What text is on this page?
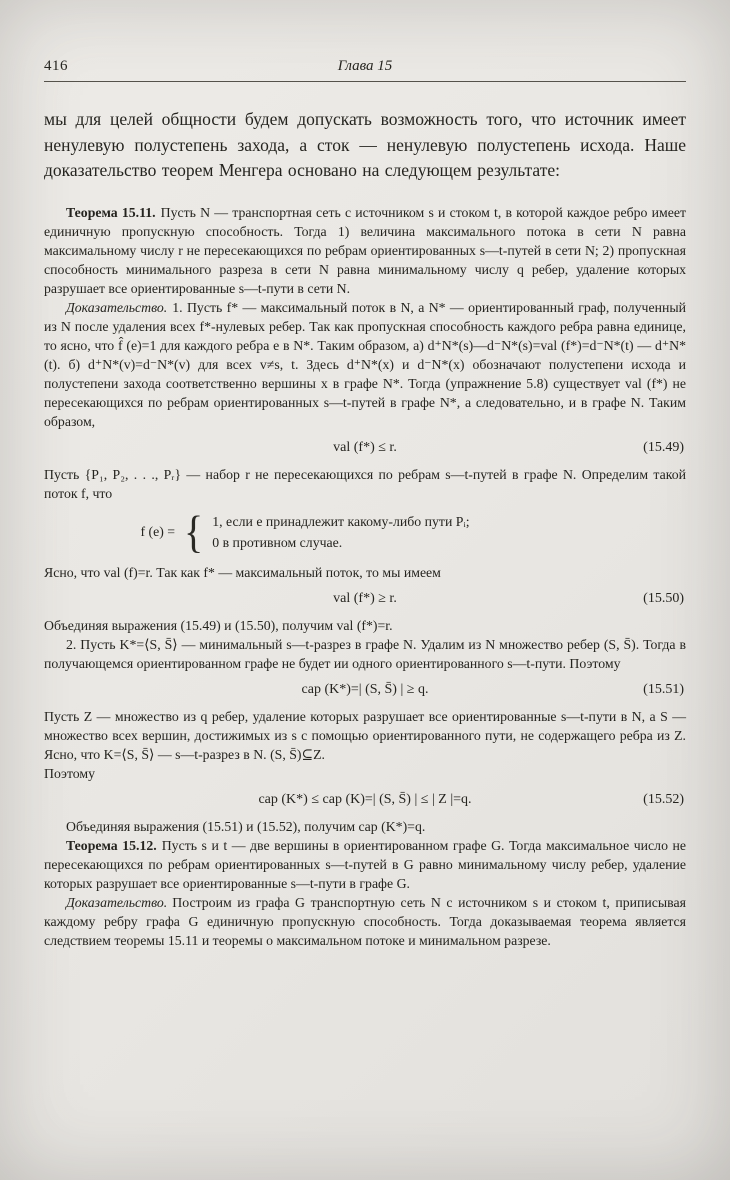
416	Глава 15

мы для целей общности будем допускать возможность того, что источник имеет ненулевую полустепень захода, а сток — ненулевую полустепень исхода. Наше доказательство теорем Менгера основано на следующем результате:

Теорема 15.11. Пусть N — транспортная сеть с источником s и стоком t, в которой каждое ребро имеет единичную пропускную способность. Тогда 1) величина максимального потока в сети N равна максимальному числу r не пересекающихся по ребрам ориентированных s—t-путей в сети N; 2) пропускная способность минимального разреза в сети N равна минимальному числу q ребер, удаление которых разрушает все ориентированные s—t-пути в сети N.

Доказательство. 1. Пусть f* — максимальный поток в N, а N* — ориентированный граф, полученный из N после удаления всех f*-нулевых ребер. Так как пропускная способность каждого ребра равна единице, то ясно, что f̂ (e)=1 для каждого ребра e в N*. Таким образом, а) d⁺N*(s)—d⁻N*(s)=val (f*)=d⁻N*(t) — d⁺N*(t). б) d⁺N*(v)=d⁻N*(v) для всех v≠s, t. Здесь d⁺N*(x) и d⁻N*(x) обозначают полустепени исхода и полустепени захода соответственно вершины x в графе N*. Тогда (упражнение 5.8) существует val (f*) не пересекающихся по ребрам ориентированных s—t-путей в графе N*, а следовательно, и в графе N. Таким образом,

val (f*) ≤ r.	(15.49)

Пусть {P₁, P₂, . . ., Pᵣ} — набор r не пересекающихся по ребрам s—t-путей в графе N. Определим такой поток f, что

f (e) = { 1, если e принадлежит какому-либо пути Pᵢ;
0 в противном случае.

Ясно, что val (f)=r. Так как f* — максимальный поток, то мы имеем

val (f*) ≥ r.	(15.50)

Объединяя выражения (15.49) и (15.50), получим val (f*)=r.

2. Пусть K*=⟨S, S̄⟩ — минимальный s—t-разрез в графе N. Удалим из N множество ребер (S, S̄). Тогда в получающемся ориентированном графе не будет ии одного ориентированного s—t-пути. Поэтому

cap (K*)=| (S, S̄) | ≥ q.	(15.51)

Пусть Z — множество из q ребер, удаление которых разрушает все ориентированные s—t-пути в N, а S — множество всех вершин, достижимых из s с помощью ориентированного пути, не содержащего ребра из Z. Ясно, что K=⟨S, S̄⟩ — s—t-разрез в N. (S, S̄)⊆Z.

Поэтому

cap (K*) ≤ cap (K)=| (S, S̄) | ≤ | Z |=q.	(15.52)

Объединяя выражения (15.51) и (15.52), получим cap (K*)=q.

Теорема 15.12. Пусть s и t — две вершины в ориентированном графе G. Тогда максимальное число не пересекающихся по ребрам ориентированных s—t-путей в G равно минимальному числу ребер, удаление которых разрушает все ориентированные s—t-пути в графе G.

Доказательство. Построим из графа G транспортную сеть N с источником s и стоком t, приписывая каждому ребру графа G единичную пропускную способность. Тогда доказываемая теорема является следствием теоремы 15.11 и теоремы о максимальном потоке и минимальном разрезе.
